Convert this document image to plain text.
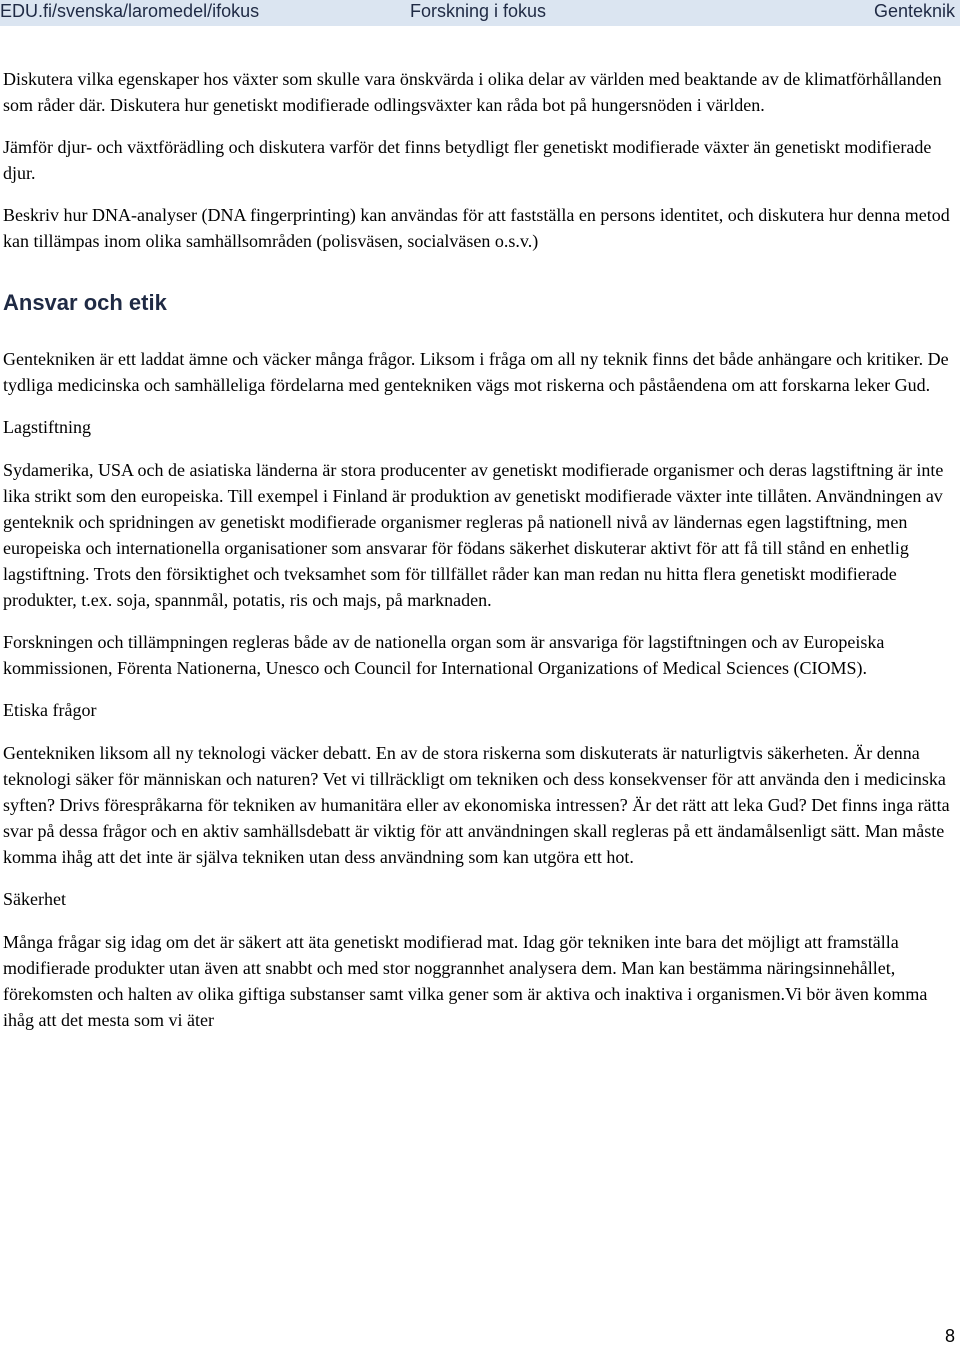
EDU.fi/svenska/laromedel/ifokus	Forskning i fokus	Genteknik

Diskutera vilka egenskaper hos växter som skulle vara önskvärda i olika delar av världen med beaktande av de klimatförhållanden som råder där. Diskutera hur genetiskt modifierade odlingsväxter kan råda bot på hungersnöden i världen.

Jämför djur- och växtförädling och diskutera varför det finns betydligt fler genetiskt modifierade växter än genetiskt modifierade djur.

Beskriv hur DNA-analyser (DNA fingerprinting) kan användas för att fastställa en persons identitet, och diskutera hur denna metod kan tillämpas inom olika samhällsområden (polisväsen, socialväsen o.s.v.)

Ansvar och etik

Gentekniken är ett laddat ämne och väcker många frågor. Liksom i fråga om all ny teknik finns det både anhängare och kritiker. De tydliga medicinska och samhälleliga fördelarna med gentekniken vägs mot riskerna och påståendena om att forskarna leker Gud.

Lagstiftning

Sydamerika, USA och de asiatiska länderna är stora producenter av genetiskt modifierade organismer och deras lagstiftning är inte lika strikt som den europeiska. Till exempel i Finland är produktion av genetiskt modifierade växter inte tillåten. Användningen av genteknik och spridningen av genetiskt modifierade organismer regleras på nationell nivå av ländernas egen lagstiftning, men europeiska och internationella organisationer som ansvarar för födans säkerhet diskuterar aktivt för att få till stånd en enhetlig lagstiftning. Trots den försiktighet och tveksamhet som för tillfället råder kan man redan nu hitta flera genetiskt modifierade produkter, t.ex. soja, spannmål, potatis, ris och majs, på marknaden.

Forskningen och tillämpningen regleras både av de nationella organ som är ansvariga för lagstiftningen och av Europeiska kommissionen, Förenta Nationerna, Unesco och Council for International Organizations of Medical Sciences (CIOMS).

Etiska frågor

Gentekniken liksom all ny teknologi väcker debatt. En av de stora riskerna som diskuterats är naturligtvis säkerheten. Är denna teknologi säker för människan och naturen? Vet vi tillräckligt om tekniken och dess konsekvenser för att använda den i medicinska syften? Drivs förespråkarna för tekniken av humanitära eller av ekonomiska intressen? Är det rätt att leka Gud? Det finns inga rätta svar på dessa frågor och en aktiv samhällsdebatt är viktig för att användningen skall regleras på ett ändamålsenligt sätt. Man måste komma ihåg att det inte är själva tekniken utan dess användning som kan utgöra ett hot.

Säkerhet

Många frågar sig idag om det är säkert att äta genetiskt modifierad mat. Idag gör tekniken inte bara det möjligt att framställa modifierade produkter utan även att snabbt och med stor noggrannhet analysera dem. Man kan bestämma näringsinnehållet, förekomsten och halten av olika giftiga substanser samt vilka gener som är aktiva och inaktiva i organismen.Vi bör även komma ihåg att det mesta som vi äter

8
